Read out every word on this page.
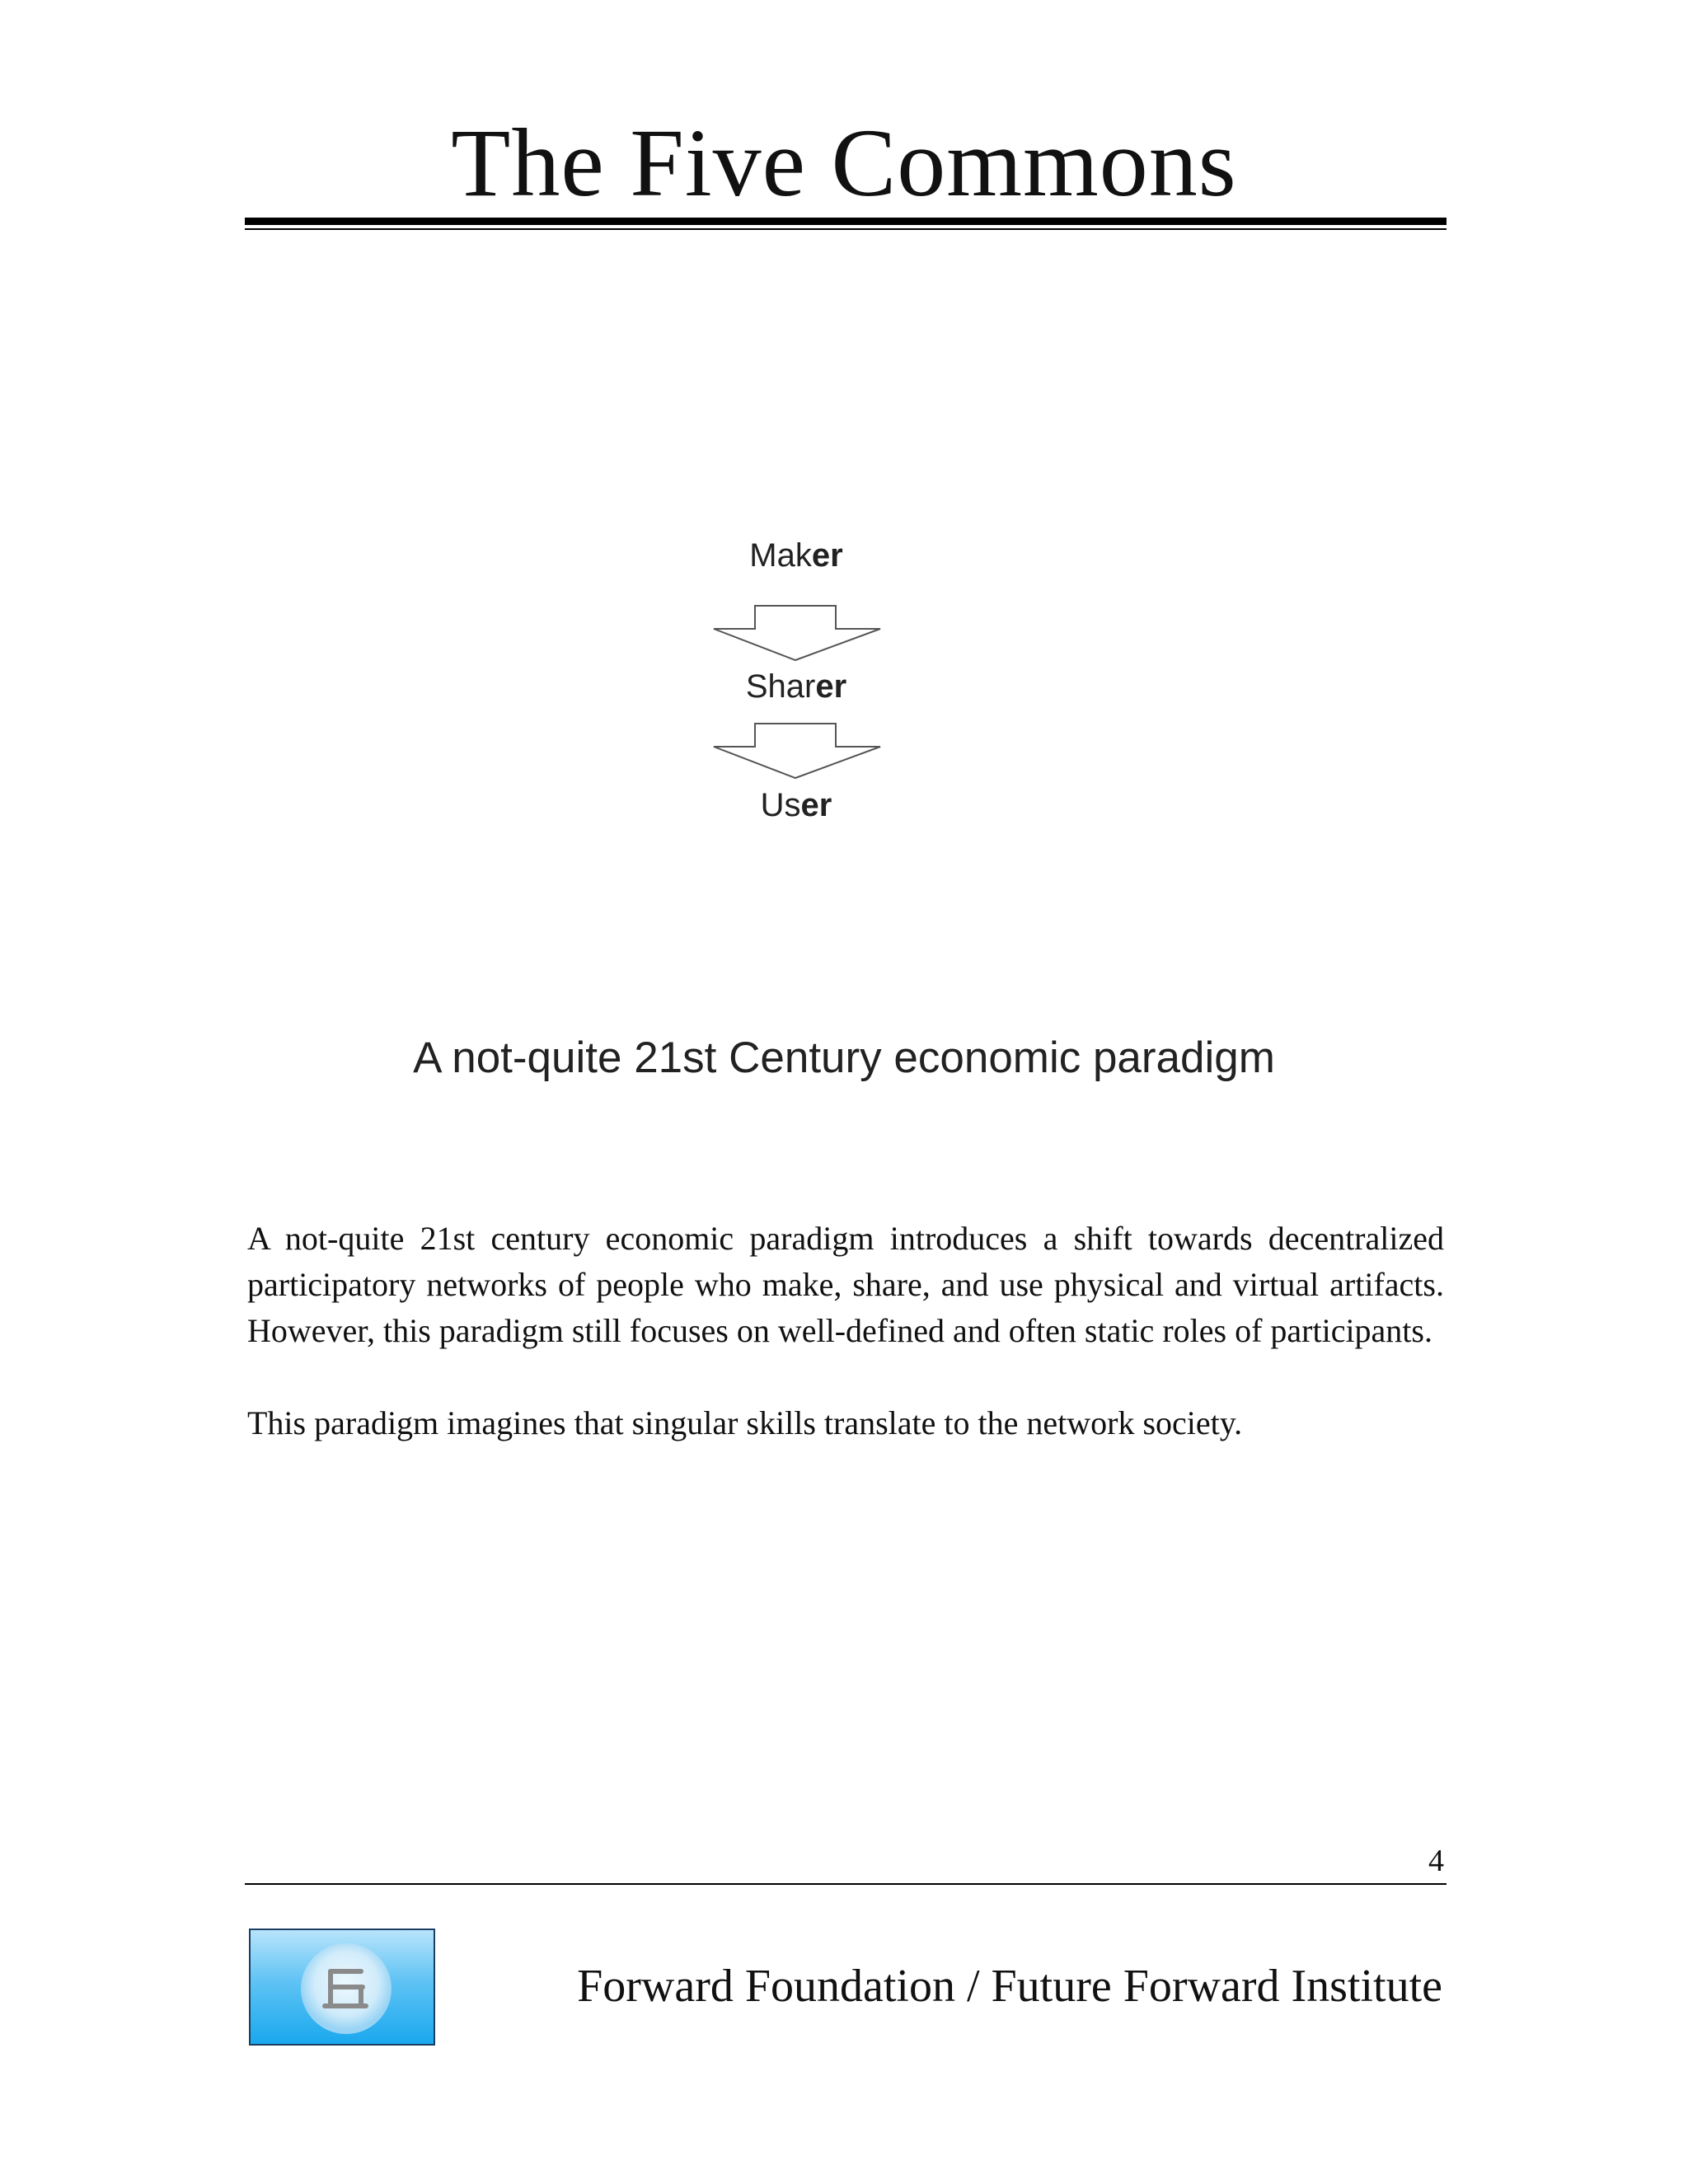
The Five Commons
Maker
Sharer
User
A not-quite 21st Century economic paradigm

A not-quite 21st century economic paradigm introduces a shift towards decentralized participatory networks of people who make, share, and use physical and virtual artifacts. However, this paradigm still focuses on well-defined and often static roles of participants.

This paradigm imagines that singular skills translate to the network society.

4
Forward Foundation / Future Forward Institute
